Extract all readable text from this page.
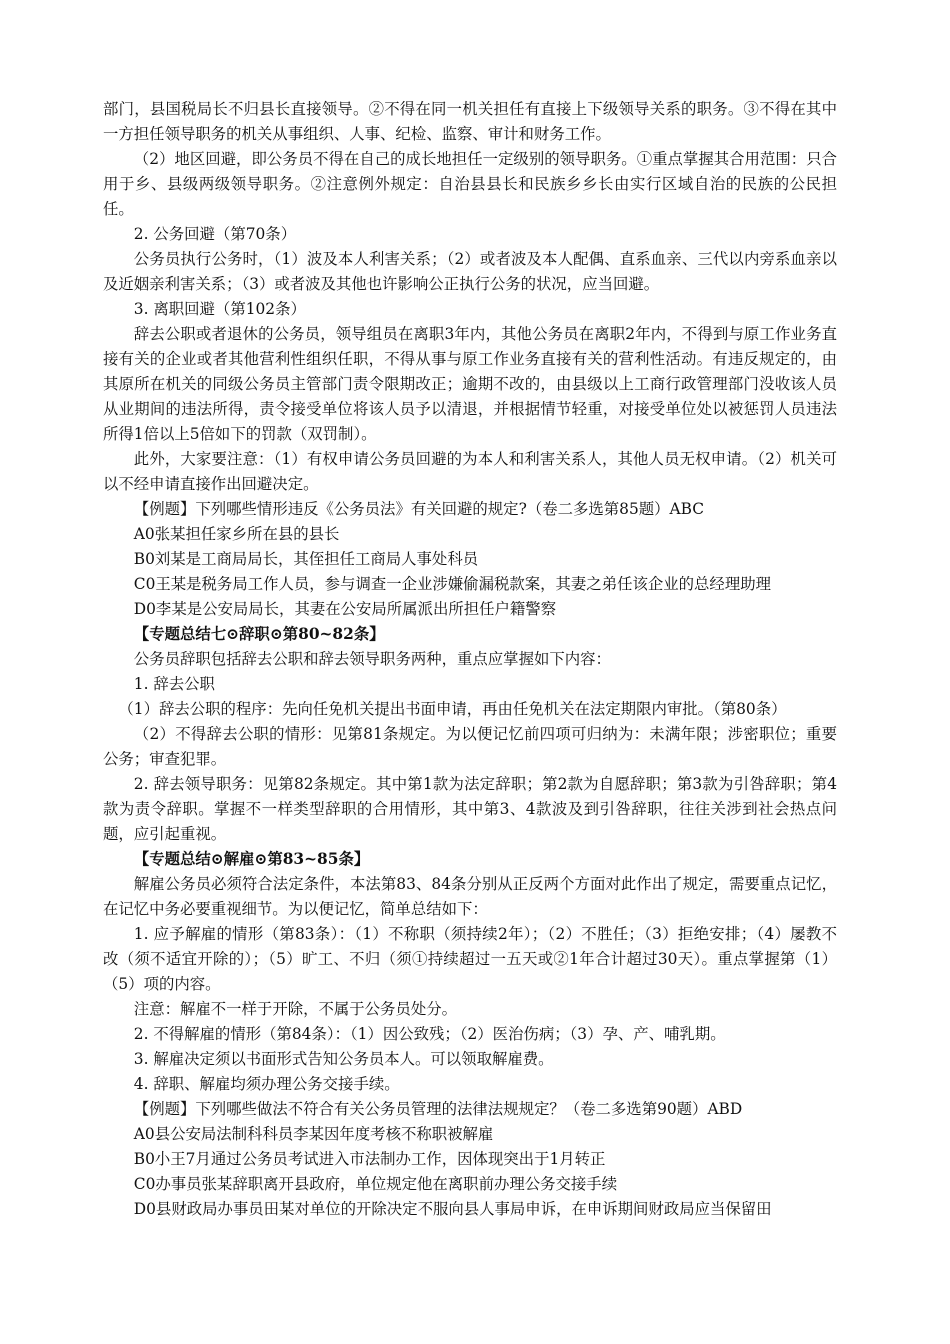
部门，县国税局长不归县长直接领导。②不得在同一机关担任有直接上下级领导关系的职务。③不得在其中一方担任领导职务的机关从事组织、人事、纪检、监察、审计和财务工作。

（2）地区回避，即公务员不得在自己的成长地担任一定级别的领导职务。①重点掌握其合用范围：只合用于乡、县级两级领导职务。②注意例外规定：自治县县长和民族乡乡长由实行区域自治的民族的公民担任。

2. 公务回避（第70条）

公务员执行公务时，（1）波及本人利害关系；（2）或者波及本人配偶、直系血亲、三代以内旁系血亲以及近姻亲利害关系；（3）或者波及其他也许影响公正执行公务的状况，应当回避。

3. 离职回避（第102条）

辞去公职或者退休的公务员，领导组员在离职3年内，其他公务员在离职2年内，不得到与原工作业务直接有关的企业或者其他营利性组织任职，不得从事与原工作业务直接有关的营利性活动。有违反规定的，由其原所在机关的同级公务员主管部门责令限期改正；逾期不改的，由县级以上工商行政管理部门没收该人员从业期间的违法所得，责令接受单位将该人员予以清退，并根据情节轻重，对接受单位处以被惩罚人员违法所得1倍以上5倍如下的罚款（双罚制）。

此外，大家要注意：（1）有权申请公务员回避的为本人和利害关系人，其他人员无权申请。（2）机关可以不经申请直接作出回避决定。

【例题】下列哪些情形违反《公务员法》有关回避的规定?（卷二多选第85题）ABC

A0张某担任家乡所在县的县长

B0刘某是工商局局长，其侄担任工商局人事处科员

C0王某是税务局工作人员，参与调查一企业涉嫌偷漏税款案，其妻之弟任该企业的总经理助理

D0李某是公安局局长，其妻在公安局所属派出所担任户籍警察

【专题总结七⊙辞职⊙第80~82条】

公务员辞职包括辞去公职和辞去领导职务两种，重点应掌握如下内容：

1. 辞去公职

（1）辞去公职的程序：先向任免机关提出书面申请，再由任免机关在法定期限内审批。（第80条）

（2）不得辞去公职的情形：见第81条规定。为以便记忆前四项可归纳为：未满年限；涉密职位；重要公务；审查犯罪。

2. 辞去领导职务：见第82条规定。其中第1款为法定辞职；第2款为自愿辞职；第3款为引咎辞职；第4款为责令辞职。掌握不一样类型辞职的合用情形，其中第3、4款波及到引咎辞职，往往关涉到社会热点问题，应引起重视。

【专题总结⊙解雇⊙第83~85条】

解雇公务员必须符合法定条件，本法第83、84条分别从正反两个方面对此作出了规定，需要重点记忆，在记忆中务必要重视细节。为以便记忆，简单总结如下：

1. 应予解雇的情形（第83条）：（1）不称职（须持续2年）；（2）不胜任；（3）拒绝安排；（4）屡教不改（须不适宜开除的）；（5）旷工、不归（须①持续超过一五天或②1年合计超过30天）。重点掌握第（1）（5）项的内容。

注意：解雇不一样于开除，不属于公务员处分。

2. 不得解雇的情形（第84条）：（1）因公致残；（2）医治伤病；（3）孕、产、哺乳期。

3. 解雇决定须以书面形式告知公务员本人。可以领取解雇费。

4. 辞职、解雇均须办理公务交接手续。

【例题】下列哪些做法不符合有关公务员管理的法律法规规定？（卷二多选第90题）ABD

A0县公安局法制科科员李某因年度考核不称职被解雇

B0小王7月通过公务员考试进入市法制办工作，因体现突出于1月转正

C0办事员张某辞职离开县政府，单位规定他在离职前办理公务交接手续

D0县财政局办事员田某对单位的开除决定不服向县人事局申诉，在申诉期间财政局应当保留田
